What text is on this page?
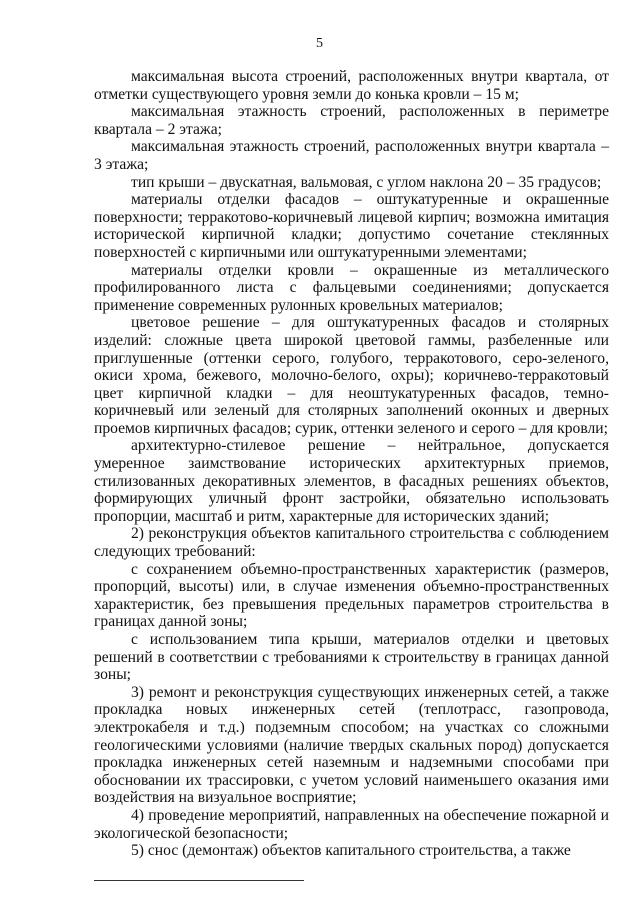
5

максимальная высота строений, расположенных внутри квартала, от отметки существующего уровня земли до конька кровли – 15 м;

максимальная этажность строений, расположенных в периметре квартала – 2 этажа;

максимальная этажность строений, расположенных внутри квартала – 3 этажа;

тип крыши – двускатная, вальмовая, с углом наклона 20 – 35 градусов;

материалы отделки фасадов – оштукатуренные и окрашенные поверхности; терракотово-коричневый лицевой кирпич; возможна имитация исторической кирпичной кладки; допустимо сочетание стеклянных поверхностей с кирпичными или оштукатуренными элементами;

материалы отделки кровли – окрашенные из металлического профилированного листа с фальцевыми соединениями; допускается применение современных рулонных кровельных материалов;

цветовое решение – для оштукатуренных фасадов и столярных изделий: сложные цвета широкой цветовой гаммы, разбеленные или приглушенные (оттенки серого, голубого, терракотового, серо-зеленого, окиси хрома, бежевого, молочно-белого, охры); коричнево-терракотовый цвет кирпичной кладки – для неоштукатуренных фасадов, темно-коричневый или зеленый для столярных заполнений оконных и дверных проемов кирпичных фасадов; сурик, оттенки зеленого и серого – для кровли;

архитектурно-стилевое решение – нейтральное, допускается умеренное заимствование исторических архитектурных приемов, стилизованных декоративных элементов, в фасадных решениях объектов, формирующих уличный фронт застройки, обязательно использовать пропорции, масштаб и ритм, характерные для исторических зданий;

2) реконструкция объектов капитального строительства с соблюдением следующих требований:

с сохранением объемно-пространственных характеристик (размеров, пропорций, высоты) или, в случае изменения объемно-пространственных характеристик, без превышения предельных параметров строительства в границах данной зоны;

с использованием типа крыши, материалов отделки и цветовых решений в соответствии с требованиями к строительству в границах данной зоны;

3) ремонт и реконструкция существующих инженерных сетей, а также прокладка новых инженерных сетей (теплотрасс, газопровода, электрокабеля и т.д.) подземным способом; на участках со сложными геологическими условиями (наличие твердых скальных пород) допускается прокладка инженерных сетей наземным и надземными способами при обосновании их трассировки, с учетом условий наименьшего оказания ими воздействия на визуальное восприятие;

4) проведение мероприятий, направленных на обеспечение пожарной и экологической безопасности;

5) снос (демонтаж) объектов капитального строительства, а также
